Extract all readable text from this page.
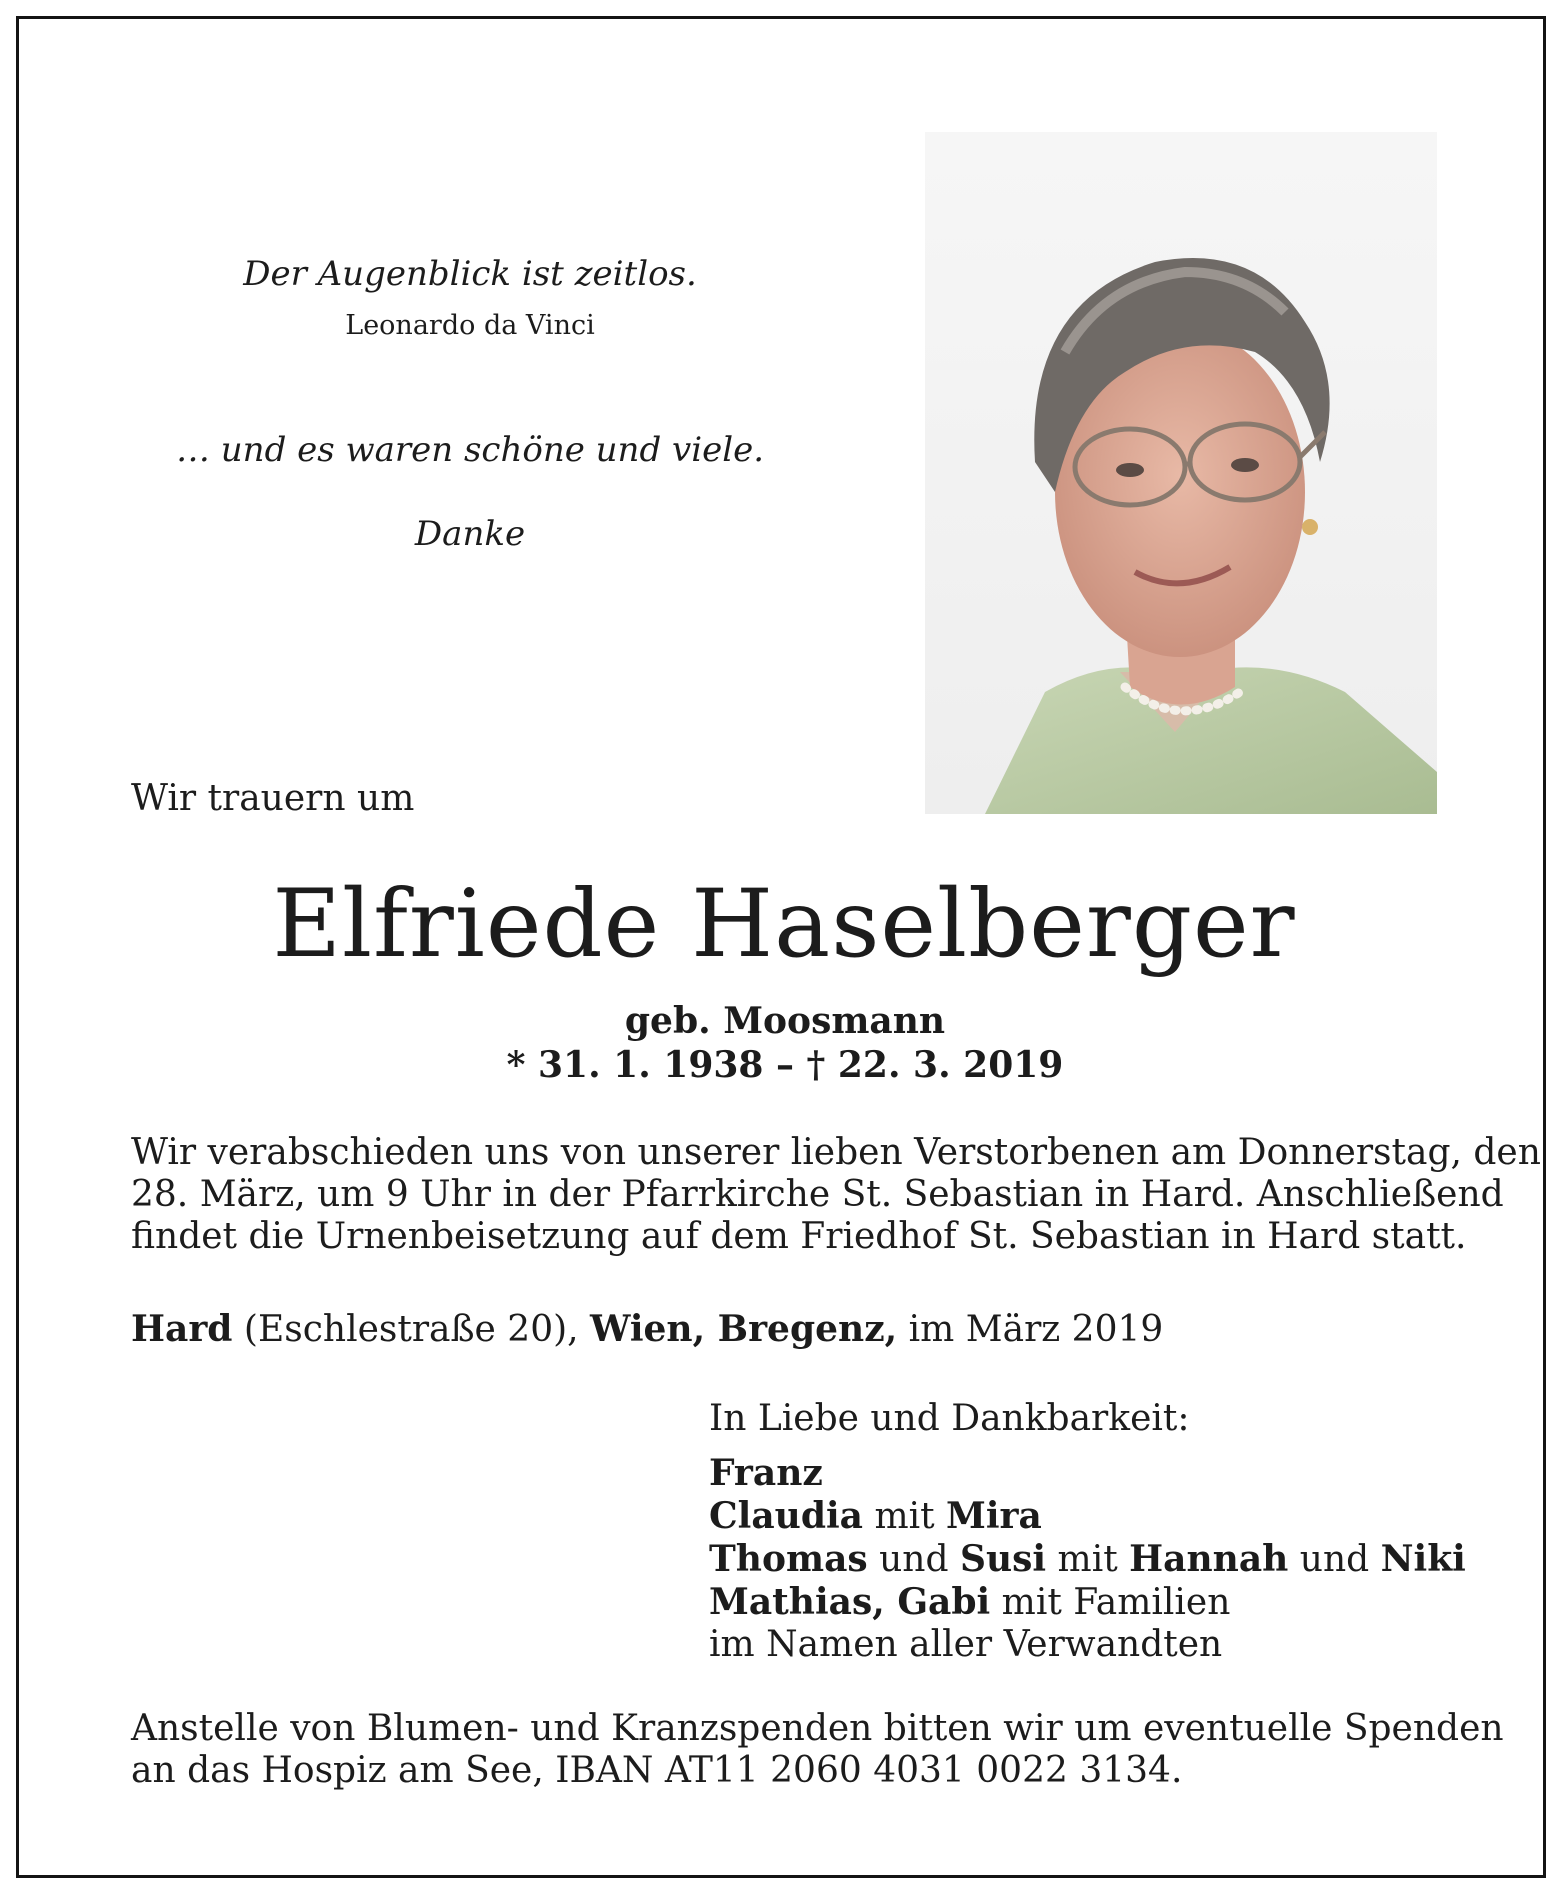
Der Augenblick ist zeitlos.
Leonardo da Vinci
… und es waren schöne und viele.
Danke
Wir trauern um
Elfriede Haselberger
geb. Moosmann
* 31. 1. 1938 – † 22. 3. 2019
Wir verabschieden uns von unserer lieben Verstorbenen am Donnerstag, den
28. März, um 9 Uhr in der Pfarrkirche St. Sebastian in Hard. Anschließend
findet die Urnenbeisetzung auf dem Friedhof St. Sebastian in Hard statt.
Hard (Eschlestraße 20), Wien, Bregenz, im März 2019
In Liebe und Dankbarkeit:
Franz
Claudia mit Mira
Thomas und Susi mit Hannah und Niki
Mathias, Gabi mit Familien
im Namen aller Verwandten
Anstelle von Blumen- und Kranzspenden bitten wir um eventuelle Spenden
an das Hospiz am See, IBAN AT11 2060 4031 0022 3134.
